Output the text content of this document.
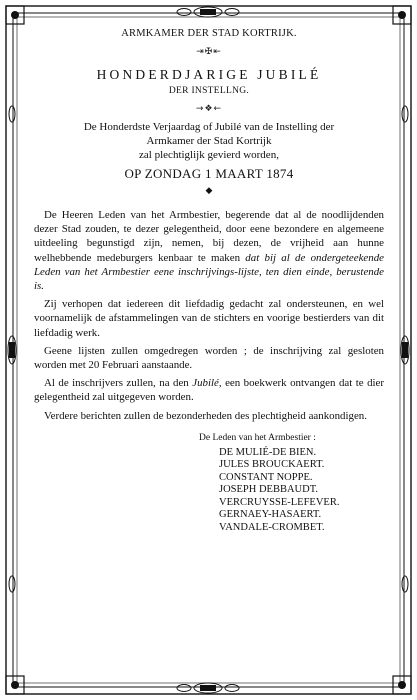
ARMKAMER DER STAD KORTRIJK.
⇥✠⇤
HONDERDJARIGE JUBILÉ
DER INSTELLNG.
→❖←
De Honderdste Verjaardag of Jubilé van de Instelling der
Armkamer der Stad Kortrijk
zal plechtiglijk gevierd worden,
OP ZONDAG 1 MAART 1874
◆

De Heeren Leden van het Armbestier, begerende dat al de noodlijdenden dezer Stad zouden, te dezer gelegentheid, door eene bezondere en algemeene uitdeeling begunstigd zijn, nemen, bij dezen, de vrijheid aan hunne welhebbende medeburgers kenbaar te maken dat bij al de ondergeteekende Leden van het Armbestier eene inschrijvings-lijste, ten dien einde, berustende is.

Zij verhopen dat iedereen dit liefdadig gedacht zal ondersteunen, en wel voornamelijk de afstammelingen van de stichters en voorige bestierders van dit liefdadig werk.

Geene lijsten zullen omgedregen worden ; de inschrijving zal gesloten worden met 20 Februari aanstaande.

Al de inschrijvers zullen, na den Jubilé, een boekwerk ontvangen dat te dier gelegentheid zal uitgegeven worden.

Verdere berichten zullen de bezonderheden des plechtigheid aankondigen.

De Leden van het Armbestier :
DE MULIÉ-DE BIEN.
JULES BROUCKAERT.
CONSTANT NOPPE.
JOSEPH DEBBAUDT.
VERCRUYSSE-LEFEVER.
GERNAEY-HASAERT.
VANDALE-CROMBET.
